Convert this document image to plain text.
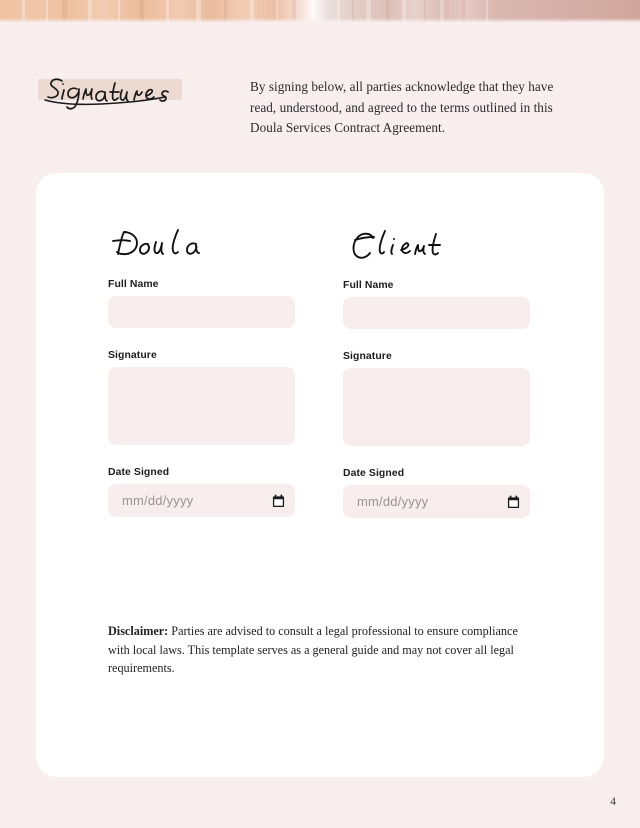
By signing below, all parties acknowledge that they have read, understood, and agreed to the terms outlined in this Doula Services Contract Agreement.

Full Name
Signature
Date Signed
mm/dd/yyyy
Full Name
Signature
Date Signed
mm/dd/yyyy

Disclaimer: Parties are advised to consult a legal professional to ensure compliance with local laws. This template serves as a general guide and may not cover all legal requirements.

4
